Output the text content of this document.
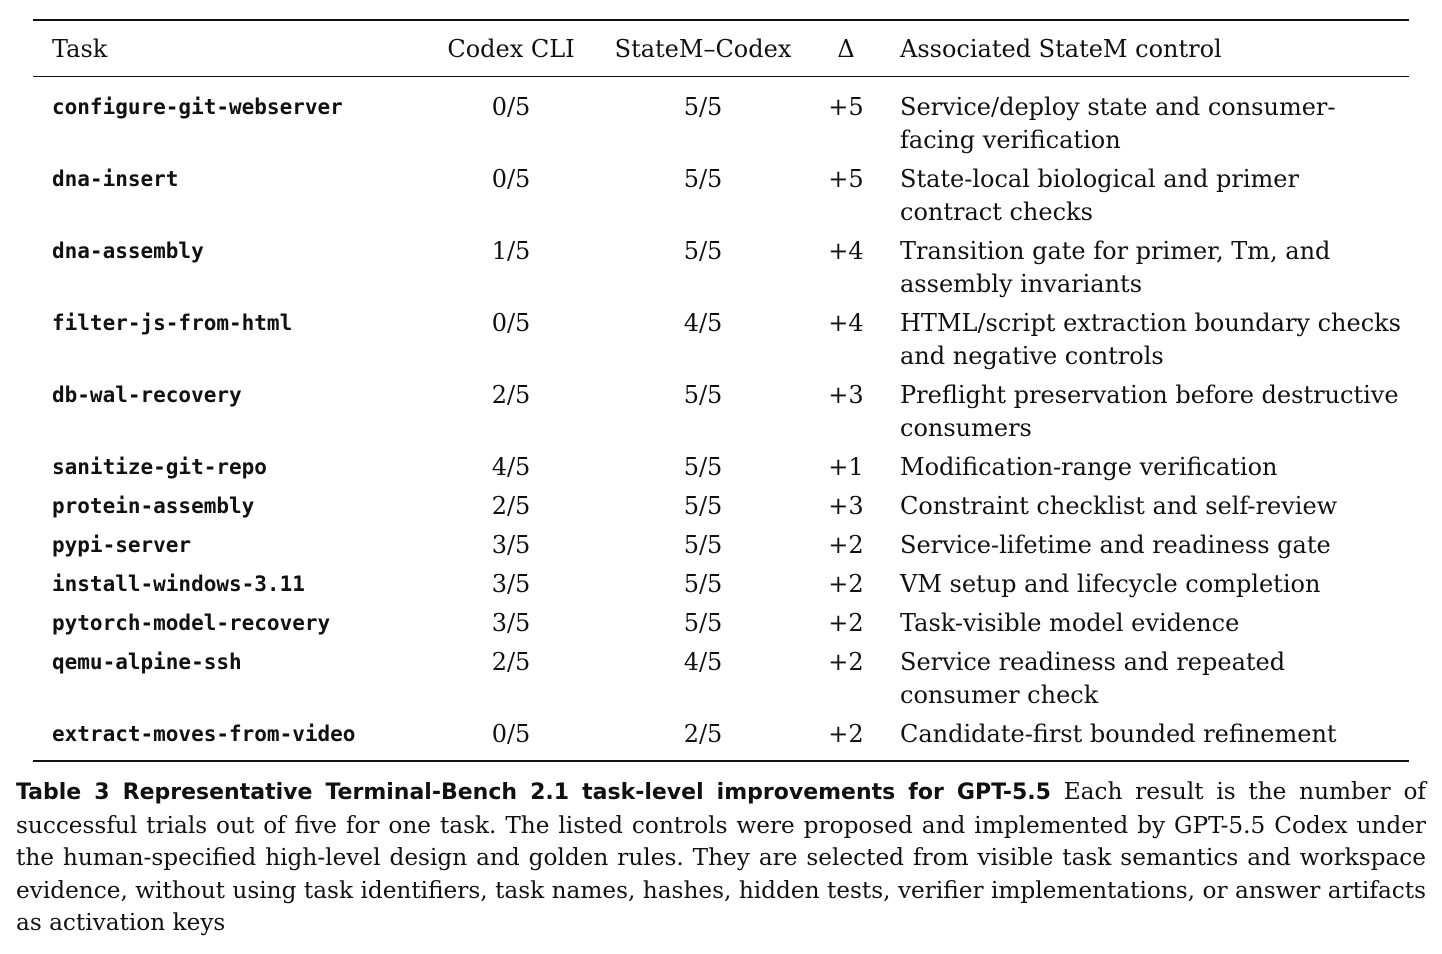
Task	Codex CLI	StateM–Codex	Δ	Associated StateM control
configure-git-webserver	0/5	5/5	+5	Service/deploy state and consumer-facing verification
dna-insert	0/5	5/5	+5	State-local biological and primer contract checks
dna-assembly	1/5	5/5	+4	Transition gate for primer, Tm, and assembly invariants
filter-js-from-html	0/5	4/5	+4	HTML/script extraction boundary checks and negative controls
db-wal-recovery	2/5	5/5	+3	Preflight preservation before destructive consumers
sanitize-git-repo	4/5	5/5	+1	Modification-range verification
protein-assembly	2/5	5/5	+3	Constraint checklist and self-review
pypi-server	3/5	5/5	+2	Service-lifetime and readiness gate
install-windows-3.11	3/5	5/5	+2	VM setup and lifecycle completion
pytorch-model-recovery	3/5	5/5	+2	Task-visible model evidence
qemu-alpine-ssh	2/5	4/5	+2	Service readiness and repeated consumer check
extract-moves-from-video	0/5	2/5	+2	Candidate-first bounded refinement
Table 3 Representative Terminal-Bench 2.1 task-level improvements for GPT-5.5 Each result is the number of successful trials out of five for one task. The listed controls were proposed and implemented by GPT-5.5 Codex under the human-specified high-level design and golden rules. They are selected from visible task semantics and workspace evidence, without using task identifiers, task names, hashes, hidden tests, verifier implementations, or answer artifacts as activation keys
